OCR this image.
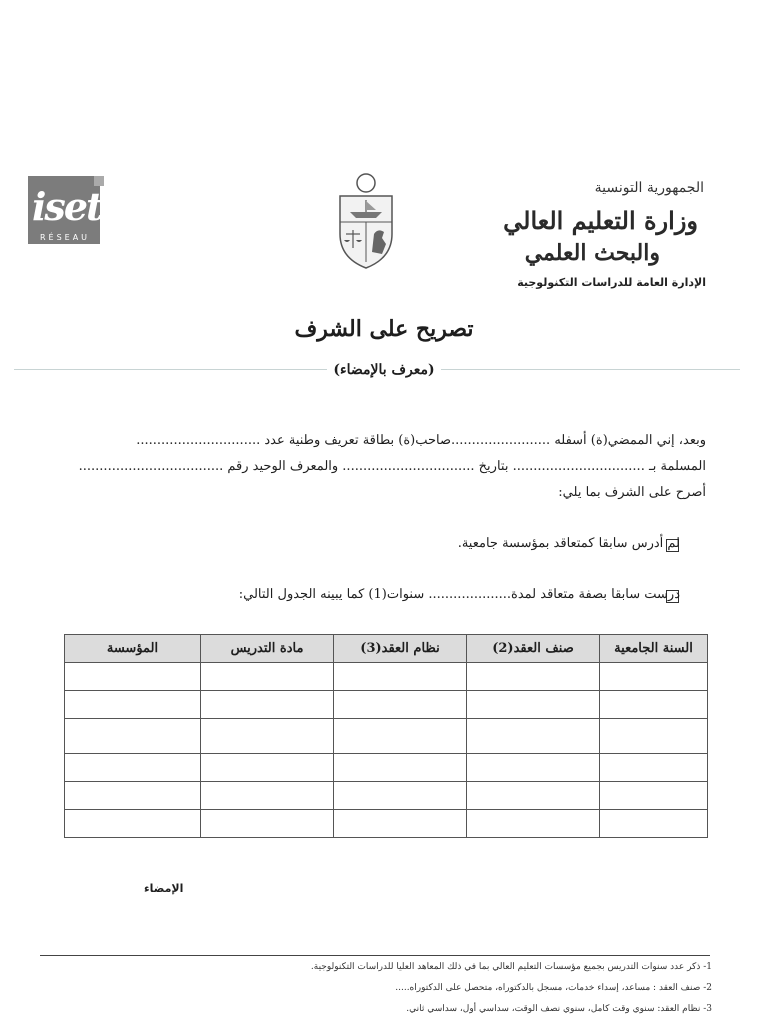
iset
RÉSEAU
الجمهورية التونسية
وزارة التعليم العالي
والبحث العلمي
الإدارة العامة للدراسات التكنولوجية
تصريح على الشرف
(معرف بالإمضاء)
وبعد، إني الممضي(ة) أسفله ........................صاحب(ة) بطاقة تعريف وطنية عدد ..............................
المسلمة بـ ................................ بتاريخ ................................ والمعرف الوحيد رقم ...................................
أصرح على الشرف بما يلي:
لم أدرس سابقا كمتعاقد بمؤسسة جامعية.
درست سابقا بصفة متعاقد لمدة.................... سنوات(1) كما يبينه الجدول التالي:
السنة الجامعية	صنف العقد(2)	نظام العقد(3)	مادة التدريس	المؤسسة

الإمضاء
1- ذكر عدد سنوات التدريس بجميع مؤسسات التعليم العالي بما في ذلك المعاهد العليا للدراسات التكنولوجية.
2- صنف العقد : مساعد، إسداء خدمات، مسجل بالدكتوراه، متحصل على الدكتوراه.....
3- نظام العقد: سنوي وقت كامل، سنوي نصف الوقت، سداسي أول، سداسي ثاني.
